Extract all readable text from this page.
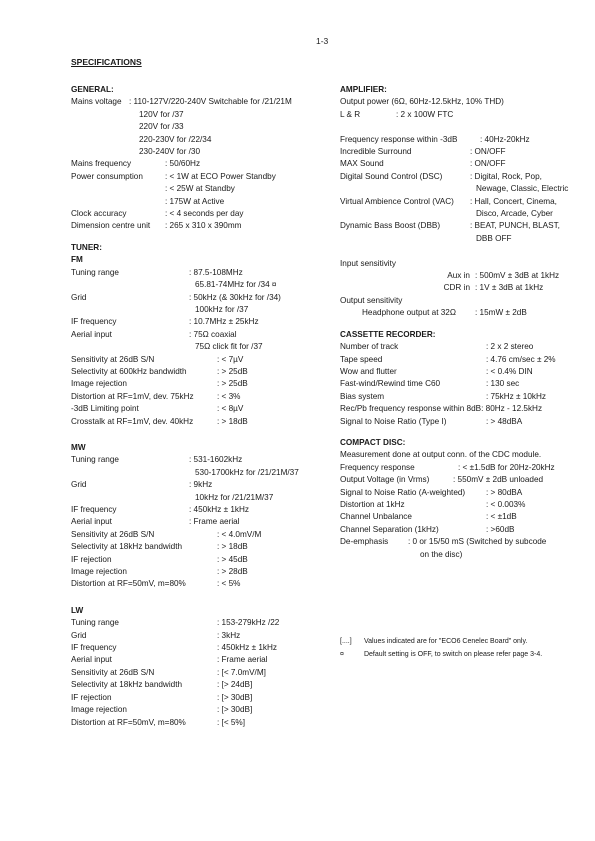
1-3
SPECIFICATIONS
GENERAL:
Mains voltage : 110-127V/220-240V Switchable for /21/21M
120V for /37
220V for /33
220-230V for /22/34
230-240V for /30
Mains frequency	: 50/60Hz
Power consumption	: < 1W at ECO Power Standby
: < 25W at Standby
: 175W at Active
Clock accuracy	: < 4 seconds per day
Dimension centre unit	: 265 x 310 x 390mm
TUNER:
FM
Tuning range	: 87.5-108MHz
65.81-74MHz for /34 ¤
Grid	: 50kHz (& 30kHz for /34)
100kHz for /37
IF frequency	: 10.7MHz ± 25kHz
Aerial input	: 75Ω coaxial
75Ω click fit for /37
Sensitivity at 26dB S/N	: < 7µV
Selectivity at 600kHz bandwidth	: > 25dB
Image rejection	: > 25dB
Distortion at RF=1mV, dev. 75kHz	: < 3%
-3dB Limiting point	: < 8µV
Crosstalk at RF=1mV, dev. 40kHz	: > 18dB
MW
Tuning range	: 531-1602kHz
530-1700kHz for /21/21M/37
Grid	: 9kHz
10kHz for /21/21M/37
IF frequency	: 450kHz ± 1kHz
Aerial input	: Frame aerial
Sensitivity at 26dB S/N	: < 4.0mV/M
Selectivity at 18kHz bandwidth	: > 18dB
IF rejection	: > 45dB
Image rejection	: > 28dB
Distortion at RF=50mV, m=80%	: < 5%
LW
Tuning range	: 153-279kHz /22
Grid	: 3kHz
IF frequency	: 450kHz ± 1kHz
Aerial input	: Frame aerial
Sensitivity at 26dB S/N	: [< 7.0mV/M]
Selectivity at 18kHz bandwidth	: [> 24dB]
IF rejection	: [> 30dB]
Image rejection	: [> 30dB]
Distortion at RF=50mV, m=80%	: [< 5%]
AMPLIFIER:
Output power (6Ω, 60Hz-12.5kHz, 10% THD)
L & R	: 2 x 100W FTC
Frequency response within -3dB	: 40Hz-20kHz
Incredible Surround	: ON/OFF
MAX Sound	: ON/OFF
Digital Sound Control (DSC)	: Digital, Rock, Pop,
Newage, Classic, Electric
Virtual Ambience Control (VAC)	: Hall, Concert, Cinema,
Disco, Arcade, Cyber
Dynamic Bass Boost (DBB)	: BEAT, PUNCH, BLAST,
DBB OFF
Input sensitivity
Aux in : 500mV ± 3dB at 1kHz
CDR in : 1V ± 3dB at 1kHz
Output sensitivity
Headphone output at 32Ω	: 15mW ± 2dB
CASSETTE RECORDER:
Number of track	: 2 x 2 stereo
Tape speed	: 4.76 cm/sec ± 2%
Wow and flutter	: < 0.4% DIN
Fast-wind/Rewind time C60	: 130 sec
Bias system	: 75kHz ± 10kHz
Rec/Pb frequency response within 8dB : 80Hz - 12.5kHz
Signal to Noise Ratio (Type I)	: > 48dBA
COMPACT DISC:
Measurement done at output conn. of the CDC module.
Frequency response	: < ±1.5dB for 20Hz-20kHz
Output Voltage (in Vrms)	: 550mV ± 2dB unloaded
Signal to Noise Ratio (A-weighted)	: > 80dBA
Distortion at 1kHz	: < 0.003%
Channel Unbalance	: < ±1dB
Channel Separation (1kHz)	: >60dB
De-emphasis	: 0 or 15/50 mS (Switched by subcode
on the disc)
[....] Values indicated are for "ECO6 Cenelec Board" only.
¤	Default setting is OFF, to switch on please refer page 3-4.
